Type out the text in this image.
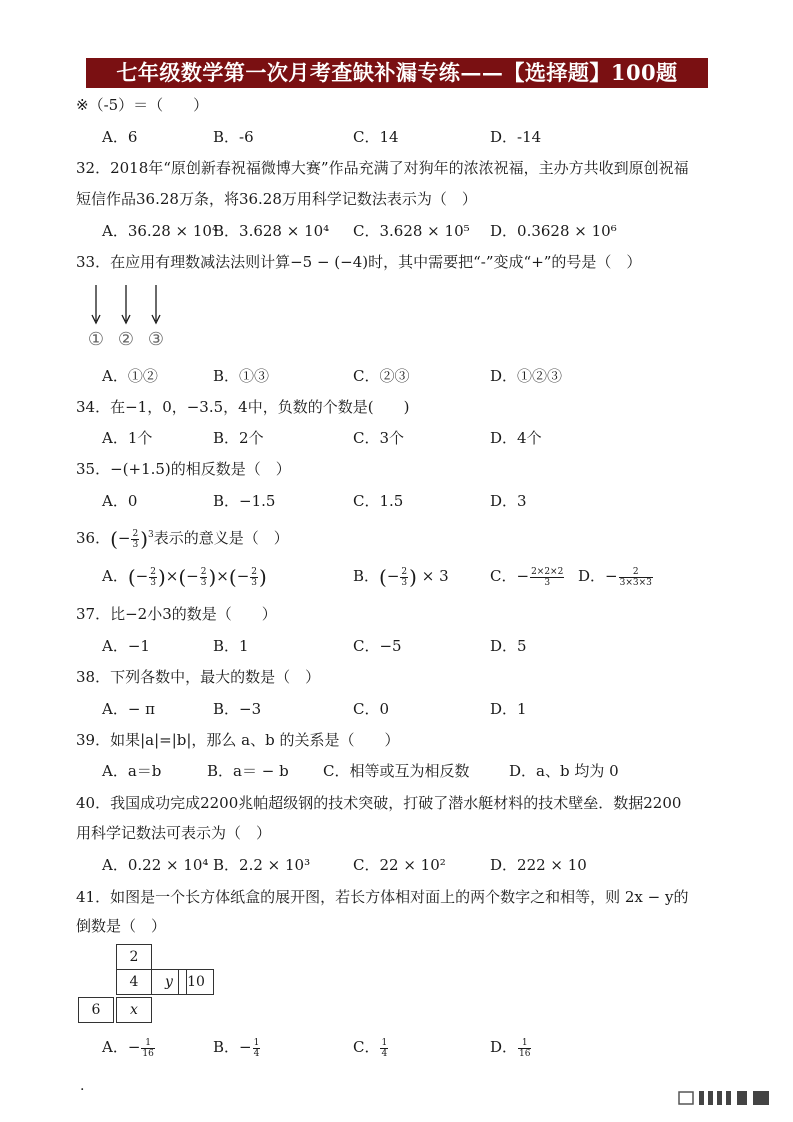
七年级数学第一次月考查缺补漏专练——【选择题】100题
※（-5）＝（　　）
A．6	B．-6	C．14	D．-14
32．2018年“原创新春祝福微博大赛”作品充满了对狗年的浓浓祝福，主办方共收到原创祝福
短信作品36.28万条，将36.28万用科学记数法表示为（　）
A．36.28 × 10⁴
B．3.628 × 10⁴ C．3.628 × 10⁵ D．0.3628 × 10⁶
33．在应用有理数减法法则计算−5 − (−4)时，其中需要把“-”变成“+”的号是（　）
① ② ③
A．①②	B．①③	C．②③	D．①②③
34．在−1，0，−3.5，4中，负数的个数是(　　)
A．1个	B．2个	C．3个	D．4个
35．−(+1.5)的相反数是（　）
A．0	B．−1.5	C．1.5	D．3
36．(− $\frac{2}{3} )^3$表示的意义是（　）
A．(− $\frac{2}{3}$ )×(− $\frac{2}{3}$ )×(− $\frac{2}{3}$ )	B．(− $\frac{2}{3}$ ) × 3	C．− $\frac{2\times 2\times 2}{3}$ D．− $\frac{2}{3\times 3\times 3}$
37．比−2小3的数是（　　）
A．−1	B．1	C．−5	D．5
38．下列各数中，最大的数是（　）
A．− π	B．−3	C．0	D．1
39．如果|a|=|b|，那么 a、b 的关系是（　　）
A．a＝b	B．a＝ − b C．相等或互为相反数	D．a、b 均为 0
40．我国成功完成2200兆帕超级钢的技术突破，打破了潜水艇材料的技术壁垒．数据2200
用科学记数法可表示为（　）
A．0.22 × 10⁴ B．2.2 × 10³	C．22 × 10²	D．222 × 10
41．如图是一个长方体纸盒的展开图，若长方体相对面上的两个数字之和相等，则 2x − y的
倒数是（　）
2
4	y	10
6	x
A．− $\frac{1}{16}$	B．− $\frac{1}{4}$	C． $\frac{1}{4}$	D． $\frac{1}{16}$
.
